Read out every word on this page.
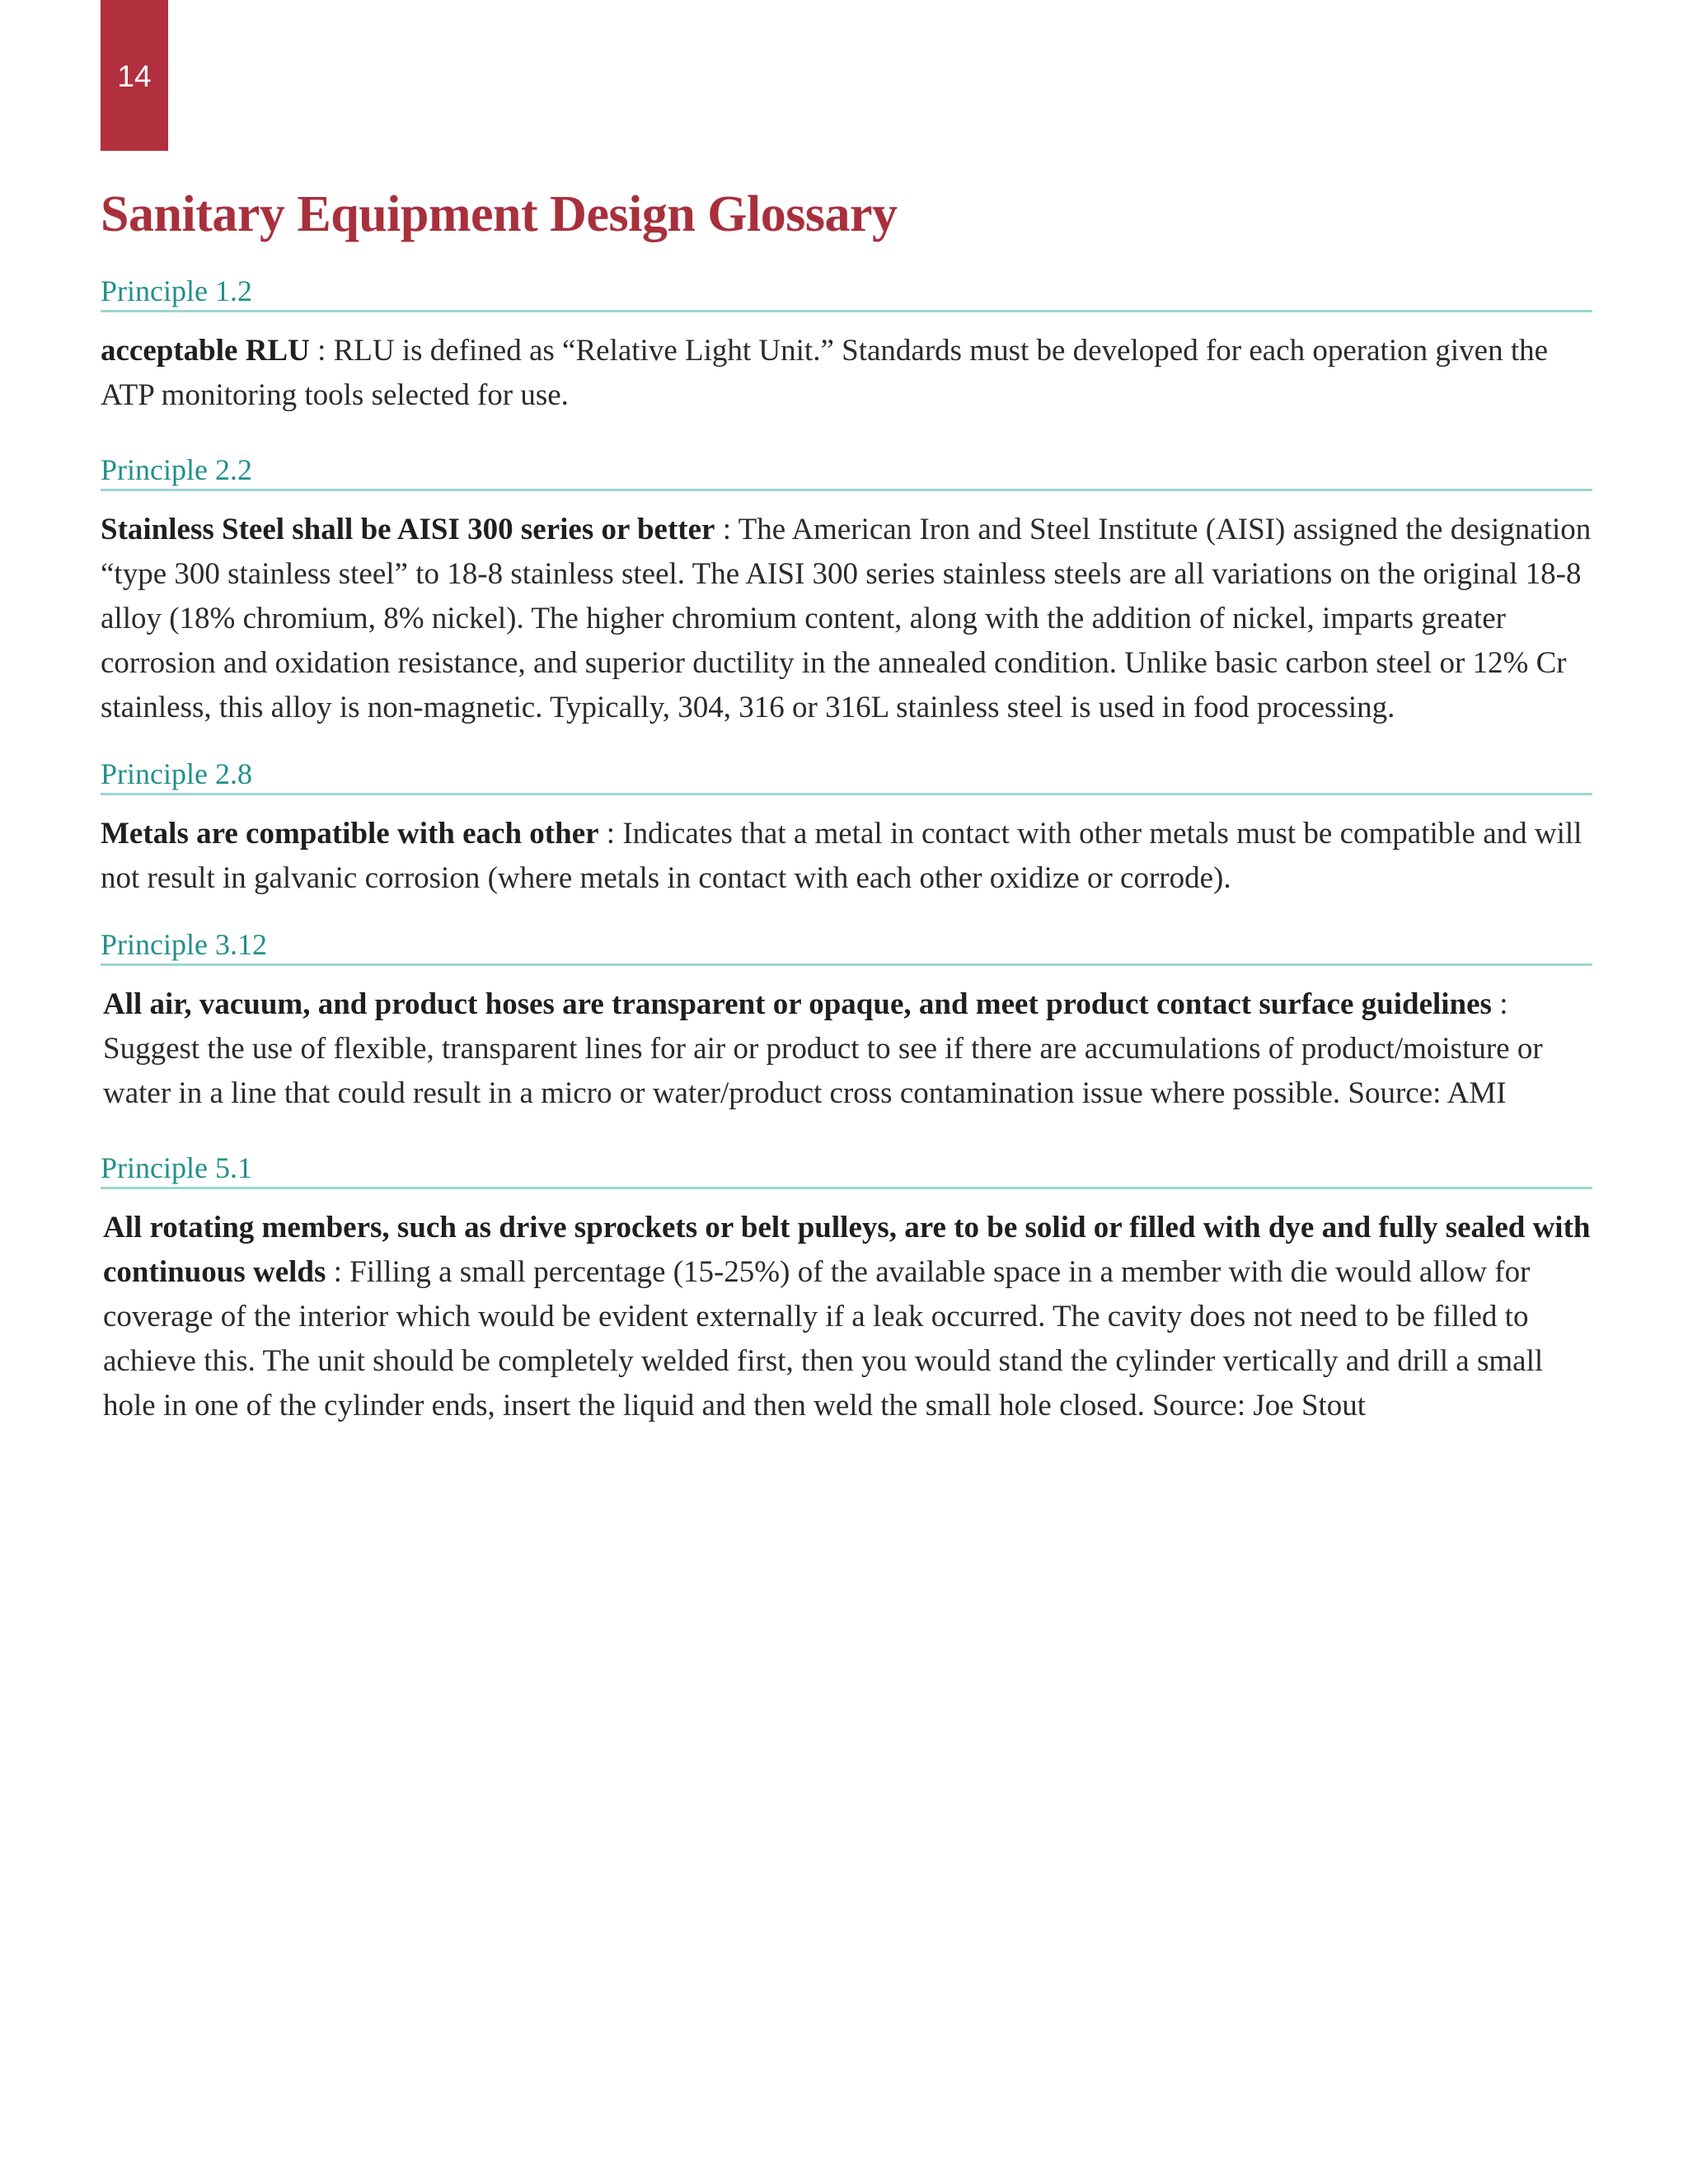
14
Sanitary Equipment Design Glossary
Principle 1.2

acceptable RLU : RLU is defined as “Relative Light Unit.” Standards must be developed for each operation given the ATP monitoring tools selected for use.

Principle 2.2

Stainless Steel shall be AISI 300 series or better : The American Iron and Steel Institute (AISI) assigned the designation “type 300 stainless steel” to 18-8 stainless steel. The AISI 300 series stainless steels are all variations on the original 18-8 alloy (18% chromium, 8% nickel). The higher chromium content, along with the addition of nickel, imparts greater corrosion and oxidation resistance, and superior ductility in the annealed condition. Unlike basic carbon steel or 12% Cr stainless, this alloy is non-magnetic. Typically, 304, 316 or 316L stainless steel is used in food processing.

Principle 2.8

Metals are compatible with each other : Indicates that a metal in contact with other metals must be compatible and will not result in galvanic corrosion (where metals in contact with each other oxidize or corrode).

Principle 3.12

All air, vacuum, and product hoses are transparent or opaque, and meet product contact surface guidelines : Suggest the use of flexible, transparent lines for air or product to see if there are accumulations of product/moisture or water in a line that could result in a micro or water/product cross contamination issue where possible. Source: AMI

Principle 5.1

All rotating members, such as drive sprockets or belt pulleys, are to be solid or filled with dye and fully sealed with continuous welds : Filling a small percentage (15-25%) of the available space in a member with die would allow for coverage of the interior which would be evident externally if a leak occurred. The cavity does not need to be filled to achieve this. The unit should be completely welded first, then you would stand the cylinder vertically and drill a small hole in one of the cylinder ends, insert the liquid and then weld the small hole closed. Source: Joe Stout
